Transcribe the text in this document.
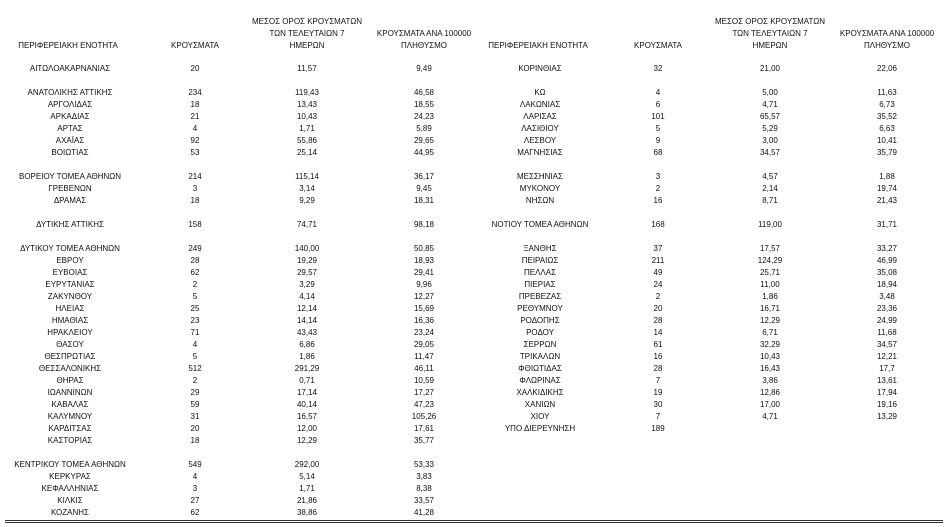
ΠΕΡΙΦΕΡΕΙΑΚΗ ΕΝΟΤΗΤΑ	ΚΡΟΥΣΜΑΤΑ
ΜΕΣΟΣ ΟΡΟΣ ΚΡΟΥΣΜΑΤΩΝ
ΤΩΝ ΤΕΛΕΥΤΑΙΩΝ 7
ΗΜΕΡΩΝ
ΚΡΟΥΣΜΑΤΑ ΑΝΑ 100000
ΠΛΗΘΥΣΜΟ
ΑΙΤΩΛΟΑΚΑΡΝΑΝΙΑΣ	20	11,57	9,49
ΑΝΑΤΟΛΙΚΗΣ ΑΤΤΙΚΗΣ	234	119,43	46,58
ΑΡΓΟΛΙΔΑΣ	18	13,43	18,55
ΑΡΚΑΔΙΑΣ	21	10,43	24,23
ΑΡΤΑΣ	4	1,71	5,89
ΑΧΑΪΑΣ	92	55,86	29,65
ΒΟΙΩΤΙΑΣ	53	25,14	44,95
ΒΟΡΕΙΟΥ ΤΟΜΕΑ ΑΘΗΝΩΝ	214	115,14	36,17
ΓΡΕΒΕΝΩΝ	3	3,14	9,45
ΔΡΑΜΑΣ	18	9,29	18,31
ΔΥΤΙΚΗΣ ΑΤΤΙΚΗΣ	158	74,71	98,18
ΔΥΤΙΚΟΥ ΤΟΜΕΑ ΑΘΗΝΩΝ	249	140,00	50,85
ΕΒΡΟΥ	28	19,29	18,93
ΕΥΒΟΙΑΣ	62	29,57	29,41
ΕΥΡΥΤΑΝΙΑΣ	2	3,29	9,96
ΖΑΚΥΝΘΟΥ	5	4,14	12,27
ΗΛΕΙΑΣ	25	12,14	15,69
ΗΜΑΘΙΑΣ	23	14,14	16,36
ΗΡΑΚΛΕΙΟΥ	71	43,43	23,24
ΘΑΣΟΥ	4	6,86	29,05
ΘΕΣΠΡΩΤΙΑΣ	5	1,86	11,47
ΘΕΣΣΑΛΟΝΙΚΗΣ	512	291,29	46,11
ΘΗΡΑΣ	2	0,71	10,59
ΙΩΑΝΝΙΝΩΝ	29	17,14	17,27
ΚΑΒΑΛΑΣ	59	40,14	47,23
ΚΑΛΥΜΝΟΥ	31	16,57	105,26
ΚΑΡΔΙΤΣΑΣ	20	12,00	17,61
ΚΑΣΤΟΡΙΑΣ	18	12,29	35,77
ΚΕΝΤΡΙΚΟΥ ΤΟΜΕΑ ΑΘΗΝΩΝ	549	292,00	53,33
ΚΕΡΚΥΡΑΣ	4	5,14	3,83
ΚΕΦΑΛΛΗΝΙΑΣ	3	1,71	8,38
ΚΙΛΚΙΣ	27	21,86	33,57
ΚΟΖΑΝΗΣ	62	38,86	41,28
ΠΕΡΙΦΕΡΕΙΑΚΗ ΕΝΟΤΗΤΑ	ΚΡΟΥΣΜΑΤΑ
ΜΕΣΟΣ ΟΡΟΣ ΚΡΟΥΣΜΑΤΩΝ
ΤΩΝ ΤΕΛΕΥΤΑΙΩΝ 7
ΗΜΕΡΩΝ
ΚΡΟΥΣΜΑΤΑ ΑΝΑ 100000
ΠΛΗΘΥΣΜΟ
ΚΟΡΙΝΘΙΑΣ	32	21,00	22,06
ΚΩ	4	5,00	11,63
ΛΑΚΩΝΙΑΣ	6	4,71	6,73
ΛΑΡΙΣΑΣ	101	65,57	35,52
ΛΑΣΙΘΙΟΥ	5	5,29	6,63
ΛΕΣΒΟΥ	9	3,00	10,41
ΜΑΓΝΗΣΙΑΣ	68	34,57	35,79
ΜΕΣΣΗΝΙΑΣ	3	4,57	1,88
ΜΥΚΟΝΟΥ	2	2,14	19,74
ΝΗΣΩΝ	16	8,71	21,43
ΝΟΤΙΟΥ ΤΟΜΕΑ ΑΘΗΝΩΝ	168	119,00	31,71
ΞΑΝΘΗΣ	37	17,57	33,27
ΠΕΙΡΑΙΩΣ	211	124,29	46,99
ΠΕΛΛΑΣ	49	25,71	35,08
ΠΙΕΡΙΑΣ	24	11,00	18,94
ΠΡΕΒΕΖΑΣ	2	1,86	3,48
ΡΕΘΥΜΝΟΥ	20	16,71	23,36
ΡΟΔΟΠΗΣ	28	12,29	24,99
ΡΟΔΟΥ	14	6,71	11,68
ΣΕΡΡΩΝ	61	32,29	34,57
ΤΡΙΚΑΛΩΝ	16	10,43	12,21
ΦΘΙΩΤΙΔΑΣ	28	16,43	17,7
ΦΛΩΡΙΝΑΣ	7	3,86	13,61
ΧΑΛΚΙΔΙΚΗΣ	19	12,86	17,94
ΧΑΝΙΩΝ	30	17,00	19,16
ΧΙΟΥ	7	4,71	13,29
ΥΠΟ ΔΙΕΡΕΥΝΗΣΗ	189
